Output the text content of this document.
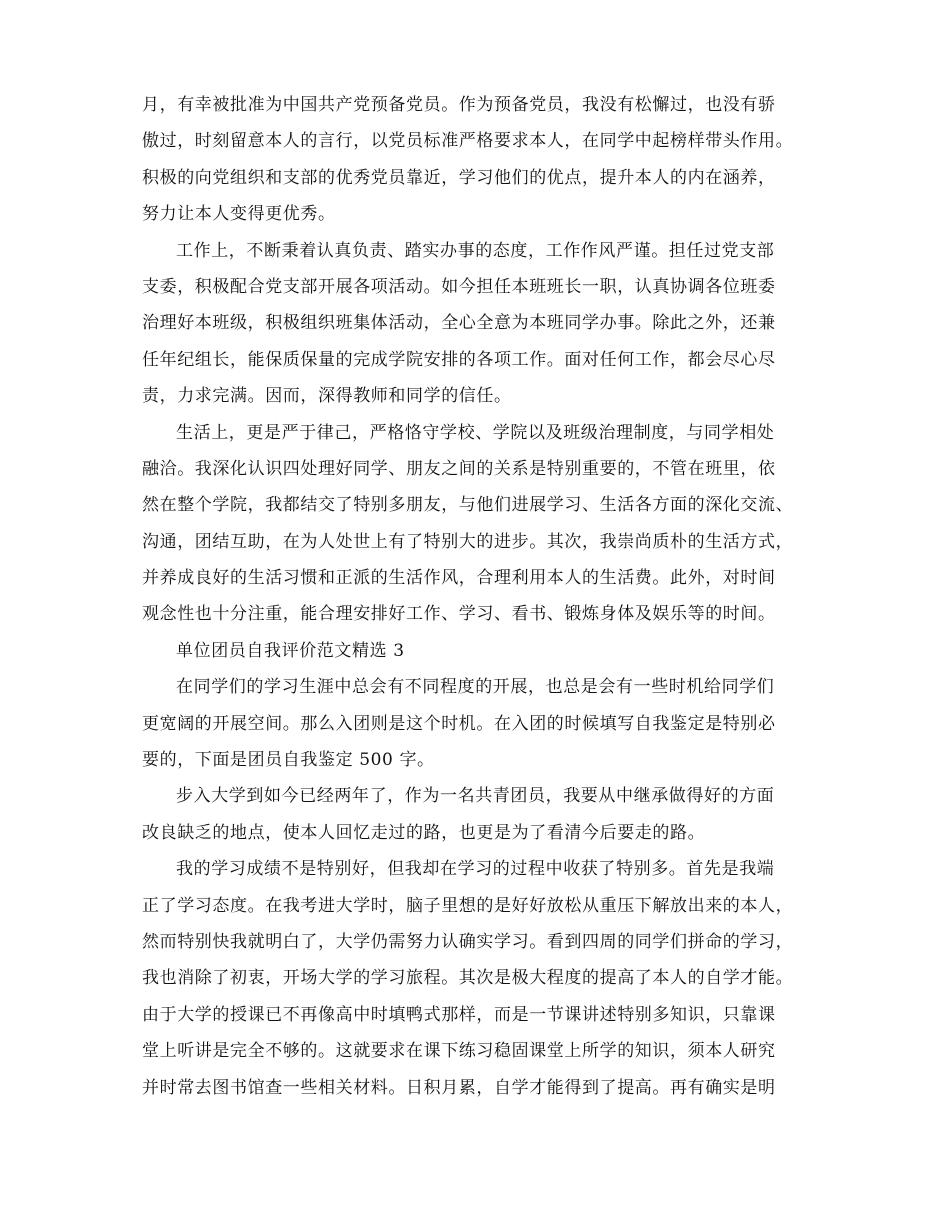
月，有幸被批准为中国共产党预备党员。作为预备党员，我没有松懈过，也没有骄
傲过，时刻留意本人的言行，以党员标准严格要求本人，在同学中起榜样带头作用。
积极的向党组织和支部的优秀党员靠近，学习他们的优点，提升本人的内在涵养，
努力让本人变得更优秀。
工作上，不断秉着认真负责、踏实办事的态度，工作作风严谨。担任过党支部
支委，积极配合党支部开展各项活动。如今担任本班班长一职，认真协调各位班委
治理好本班级，积极组织班集体活动，全心全意为本班同学办事。除此之外，还兼
任年纪组长，能保质保量的完成学院安排的各项工作。面对任何工作，都会尽心尽
责，力求完满。因而，深得教师和同学的信任。
生活上，更是严于律己，严格恪守学校、学院以及班级治理制度，与同学相处
融洽。我深化认识四处理好同学、朋友之间的关系是特别重要的，不管在班里，依
然在整个学院，我都结交了特别多朋友，与他们进展学习、生活各方面的深化交流、
沟通，团结互助，在为人处世上有了特别大的进步。其次，我崇尚质朴的生活方式，
并养成良好的生活习惯和正派的生活作风，合理利用本人的生活费。此外，对时间
观念性也十分注重，能合理安排好工作、学习、看书、锻炼身体及娱乐等的时间。
单位团员自我评价范文精选 3
在同学们的学习生涯中总会有不同程度的开展，也总是会有一些时机给同学们
更宽阔的开展空间。那么入团则是这个时机。在入团的时候填写自我鉴定是特别必
要的，下面是团员自我鉴定 500 字。
步入大学到如今已经两年了，作为一名共青团员，我要从中继承做得好的方面
改良缺乏的地点，使本人回忆走过的路，也更是为了看清今后要走的路。
我的学习成绩不是特别好，但我却在学习的过程中收获了特别多。首先是我端
正了学习态度。在我考进大学时，脑子里想的是好好放松从重压下解放出来的本人，
然而特别快我就明白了，大学仍需努力认确实学习。看到四周的同学们拼命的学习，
我也消除了初衷，开场大学的学习旅程。其次是极大程度的提高了本人的自学才能。
由于大学的授课已不再像高中时填鸭式那样，而是一节课讲述特别多知识，只靠课
堂上听讲是完全不够的。这就要求在课下练习稳固课堂上所学的知识，须本人研究
并时常去图书馆查一些相关材料。日积月累，自学才能得到了提高。再有确实是明
